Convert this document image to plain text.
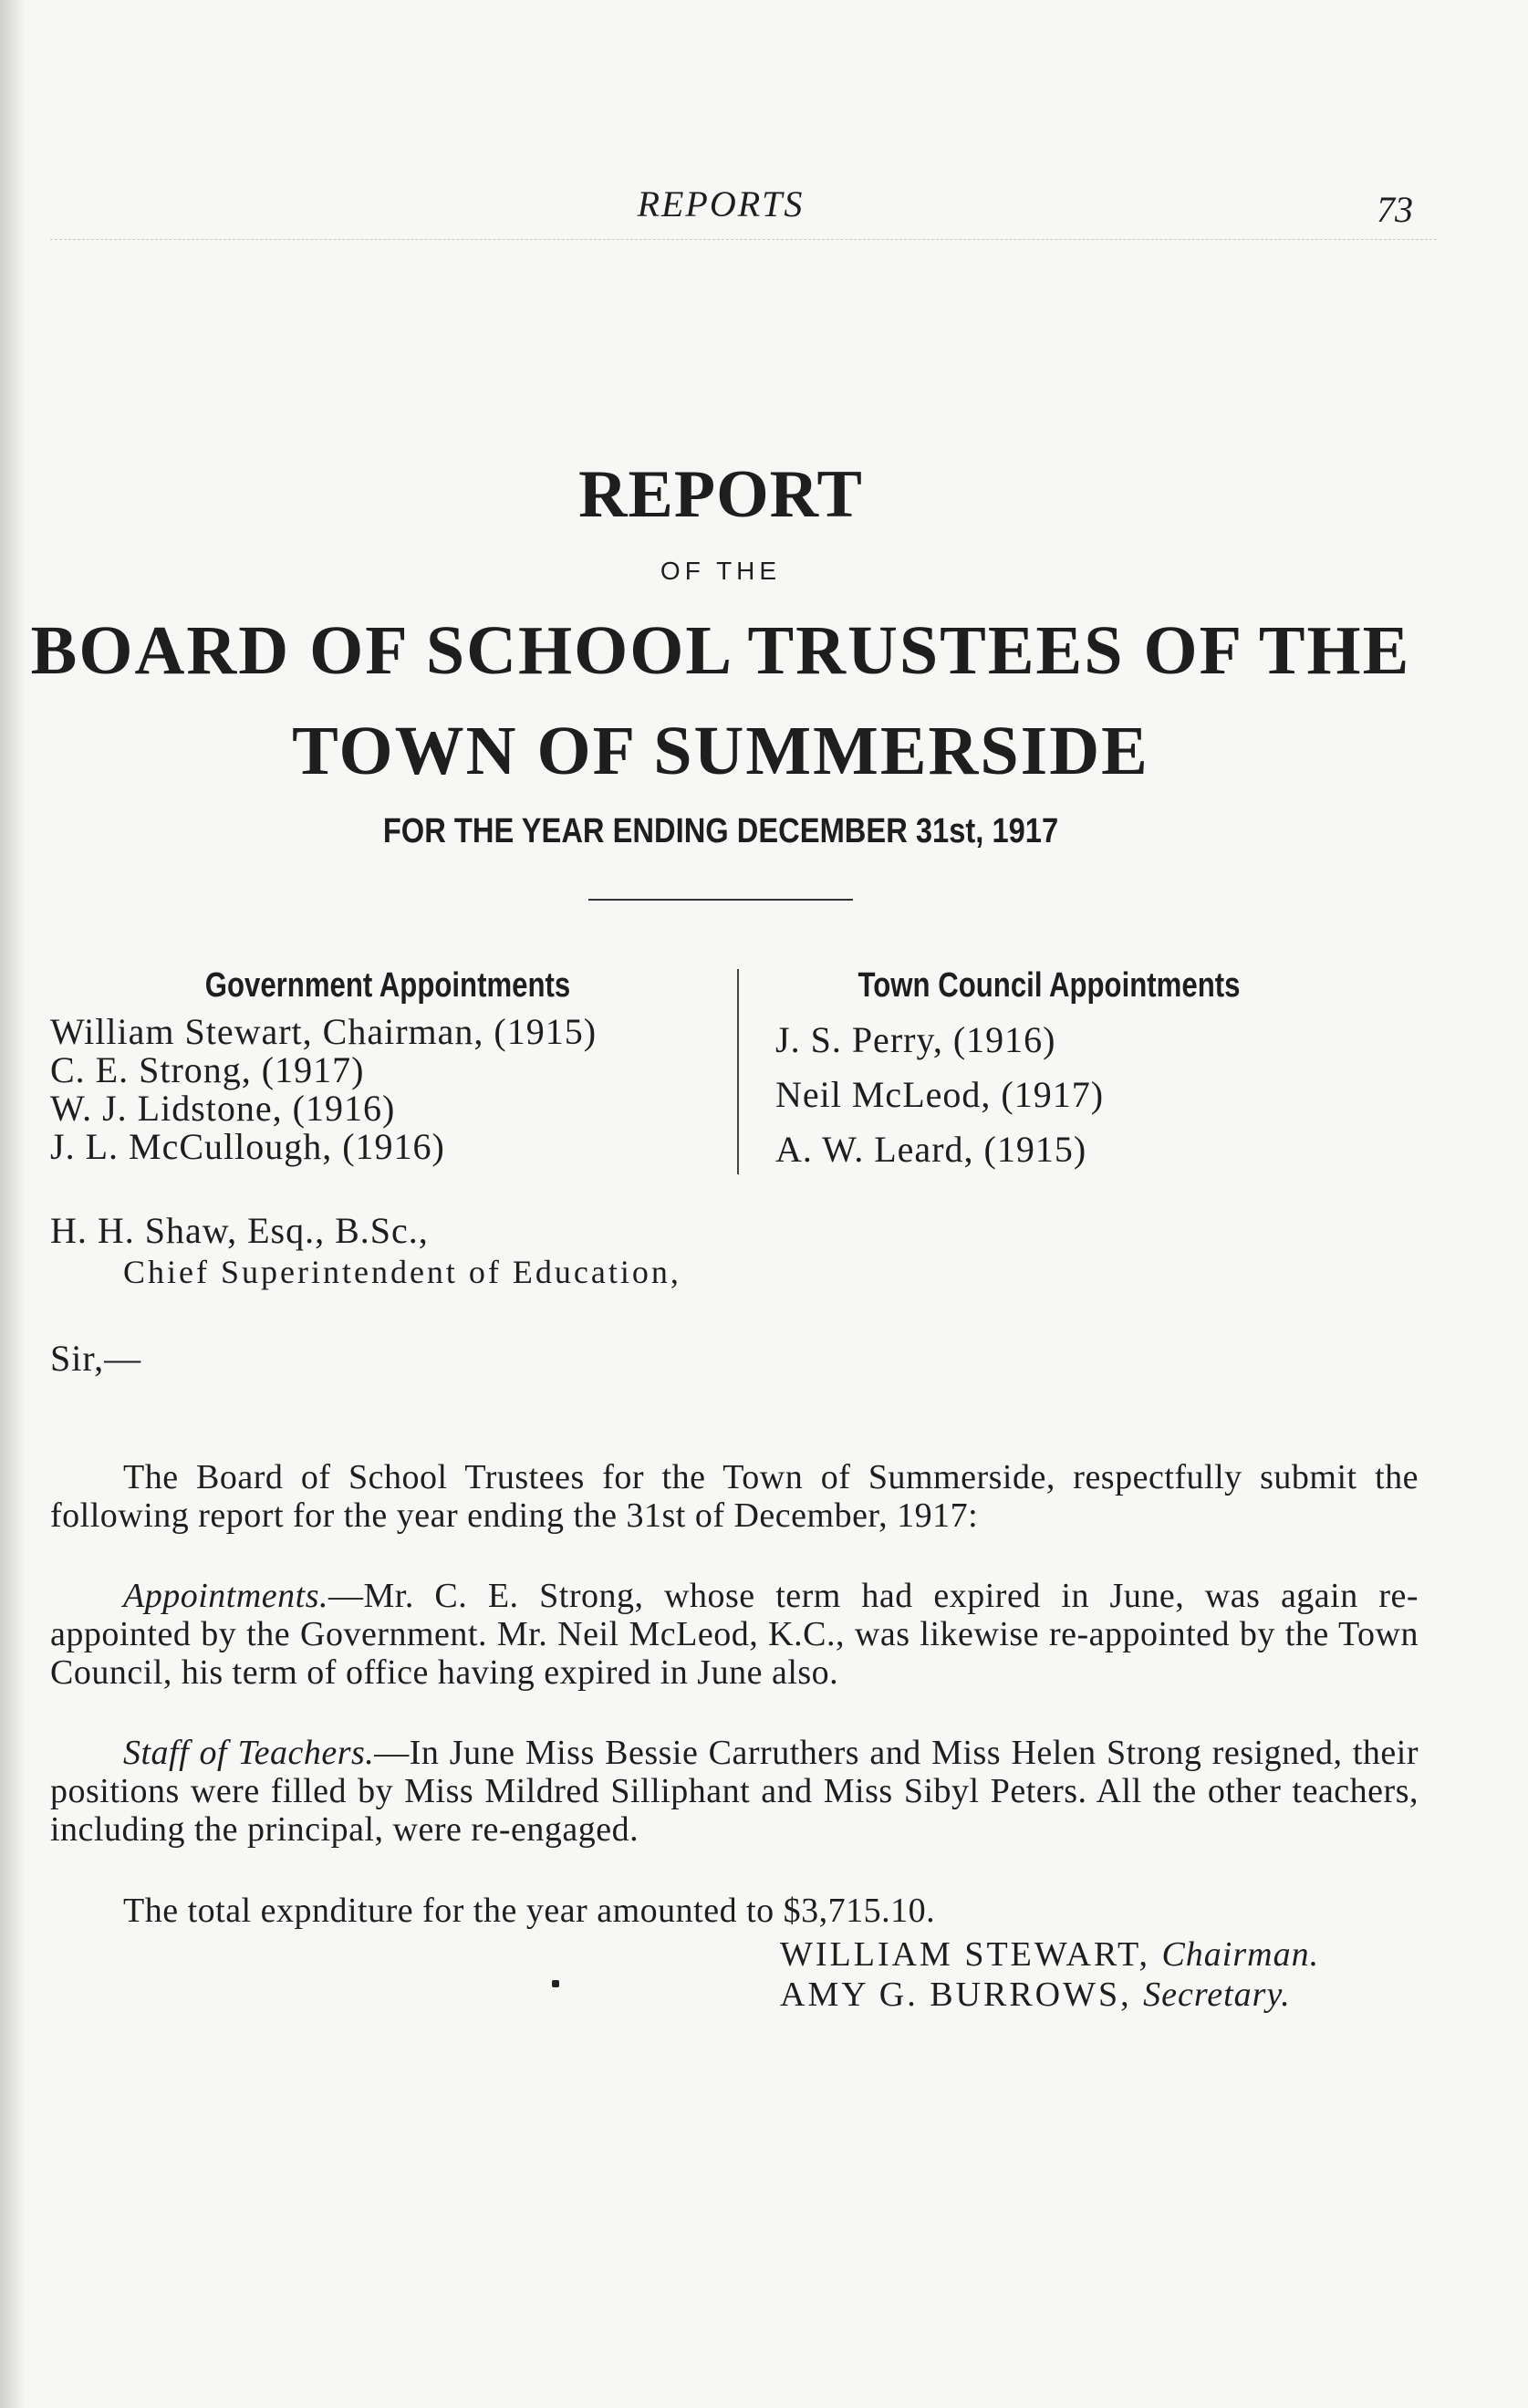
REPORTS	73
REPORT
OF THE
BOARD OF SCHOOL TRUSTEES OF THE
TOWN OF SUMMERSIDE
FOR THE YEAR ENDING DECEMBER 31st, 1917
Government Appointments
William Stewart, Chairman, (1915)
C. E. Strong, (1917)
W. J. Lidstone, (1916)
J. L. McCullough, (1916)
Town Council Appointments
J. S. Perry, (1916)
Neil McLeod, (1917)
A. W. Leard, (1915)
H. H. Shaw, Esq., B.Sc.,
Chief Superintendent of Education,
Sir,—

The Board of School Trustees for the Town of Summerside, respectfully submit the following report for the year ending the 31st of December, 1917:

Appointments.—Mr. C. E. Strong, whose term had expired in June, was again re-appointed by the Government. Mr. Neil McLeod, K.C., was likewise re-appointed by the Town Council, his term of office having expired in June also.

Staff of Teachers.—In June Miss Bessie Carruthers and Miss Helen Strong resigned, their positions were filled by Miss Mildred Silliphant and Miss Sibyl Peters. All the other teachers, including the principal, were re-engaged.

The total expnditure for the year amounted to $3,715.10.

WILLIAM STEWART, Chairman.
AMY G. BURROWS, Secretary.
